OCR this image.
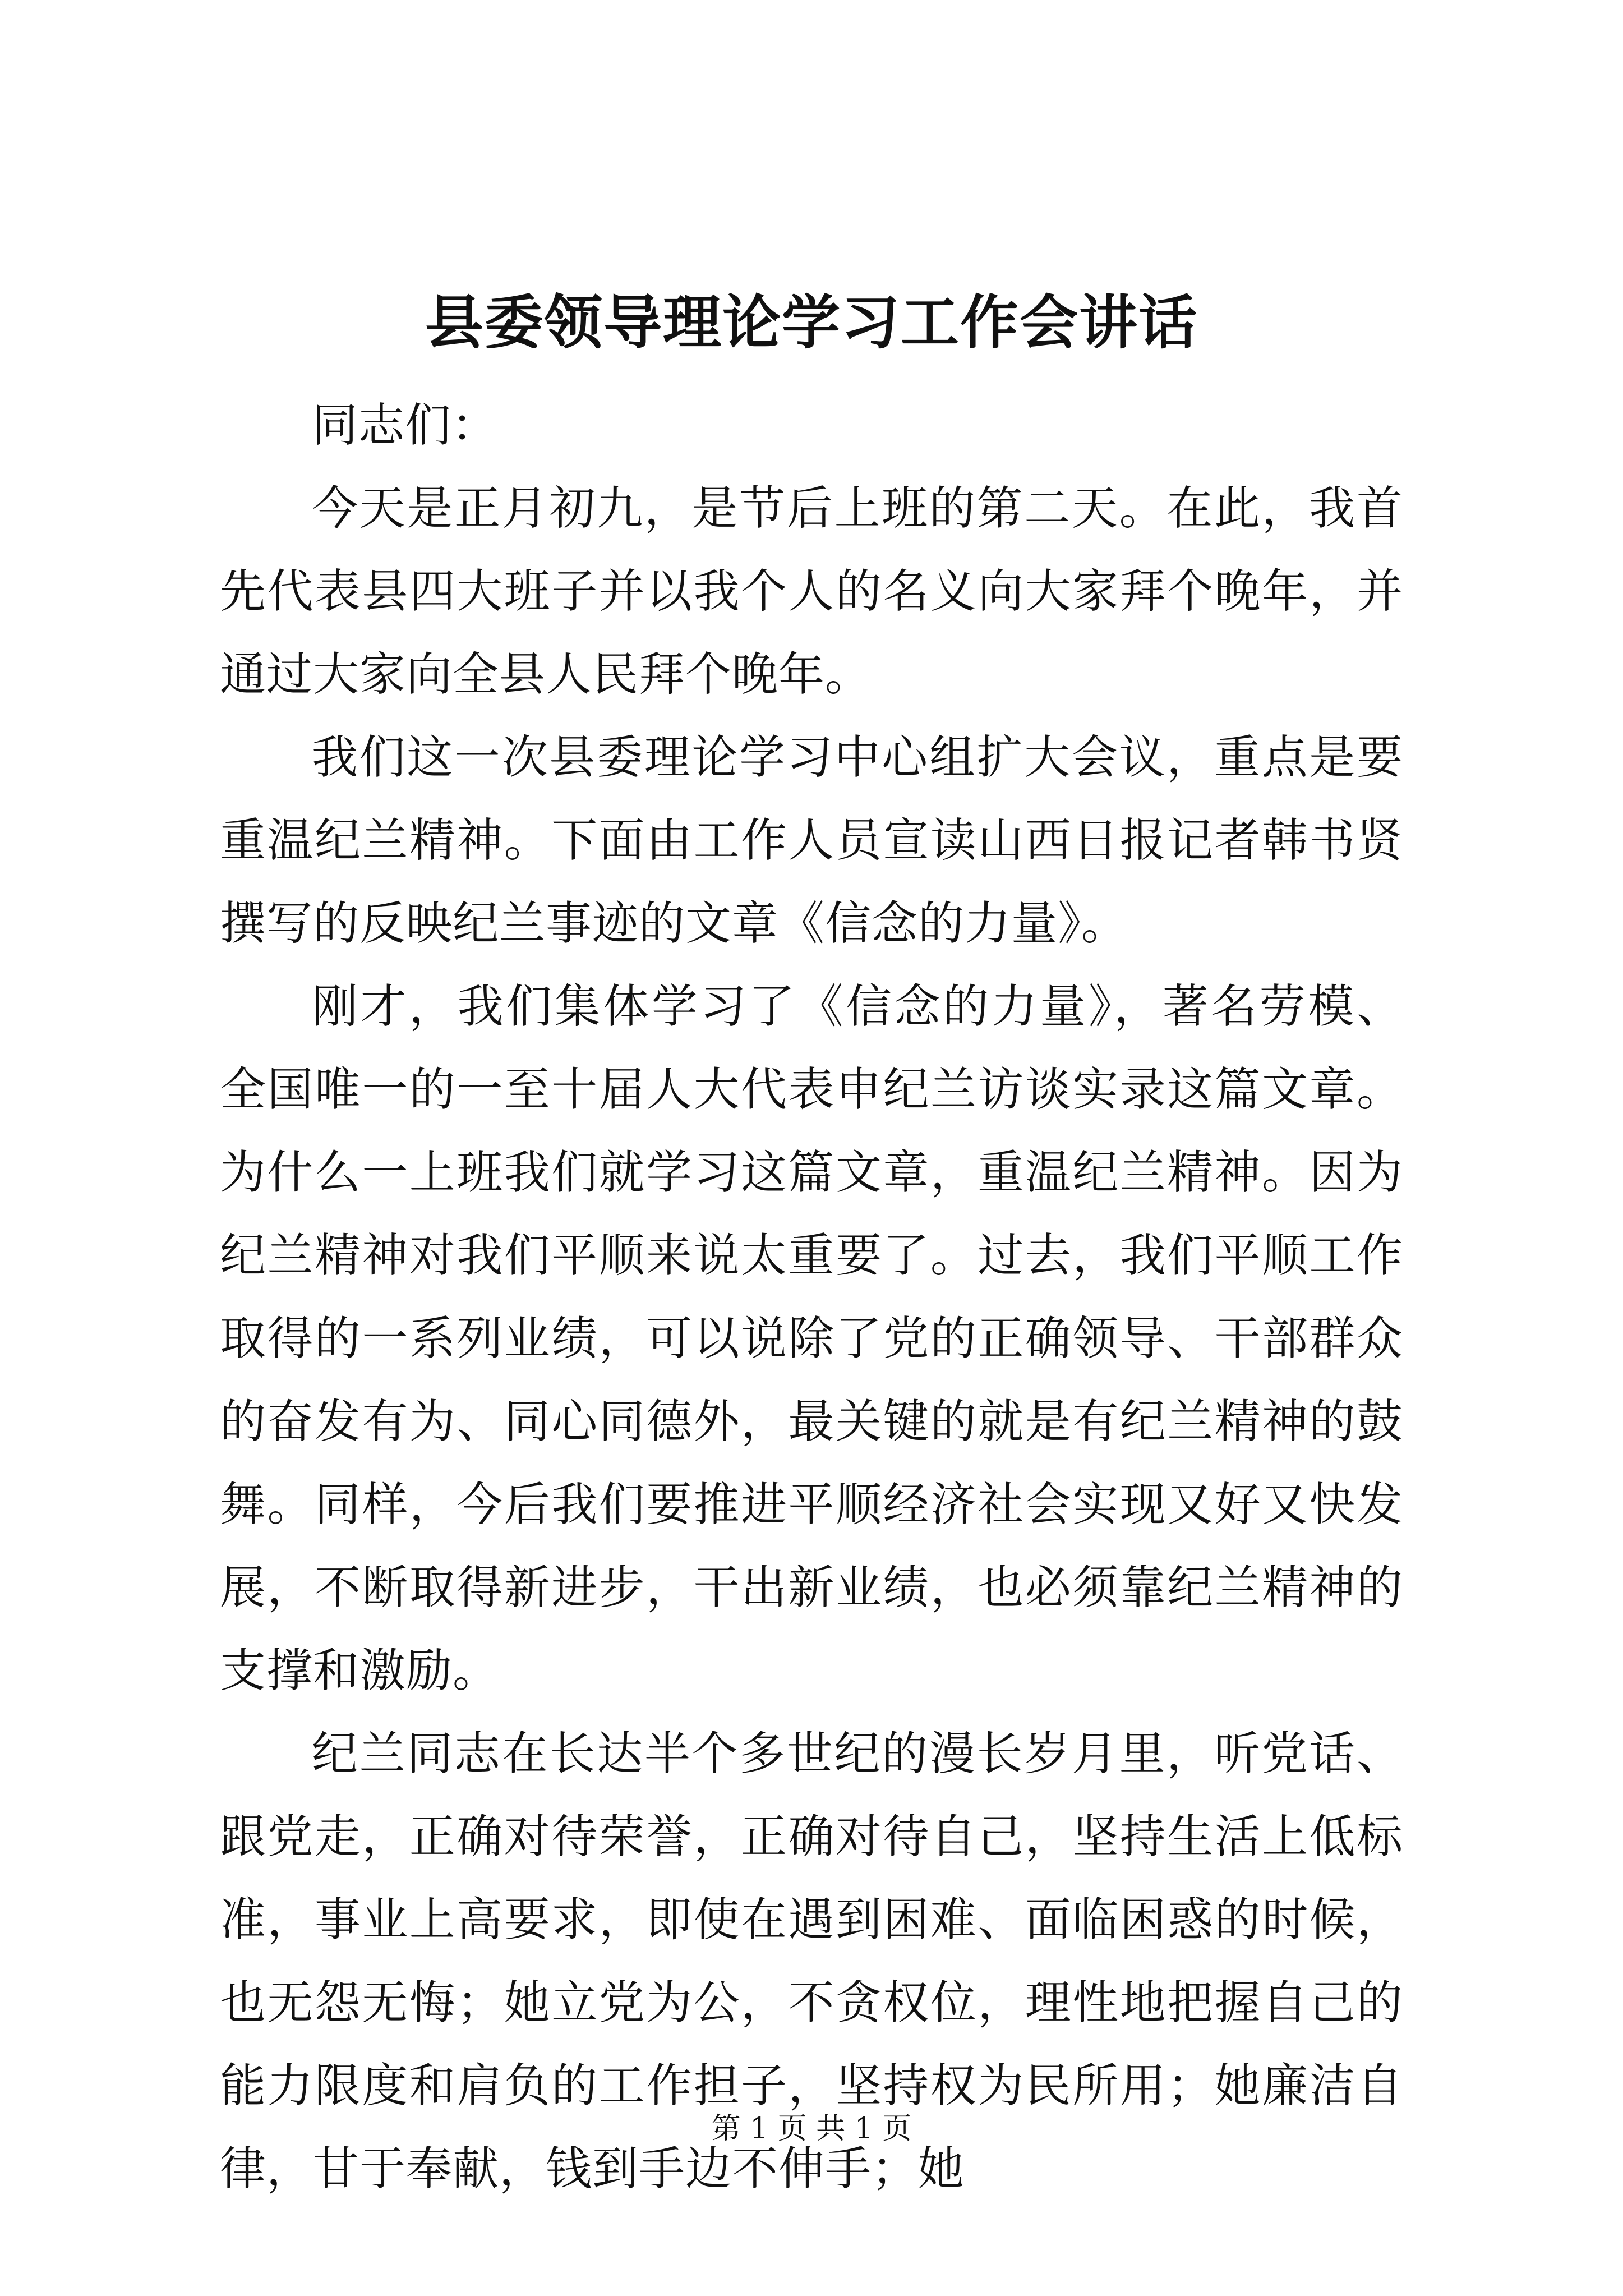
县委领导理论学习工作会讲话

同志们：

今天是正月初九，是节后上班的第二天。在此，我首先代表县四大班子并以我个人的名义向大家拜个晚年，并通过大家向全县人民拜个晚年。

我们这一次县委理论学习中心组扩大会议，重点是要重温纪兰精神。下面由工作人员宣读山西日报记者韩书贤撰写的反映纪兰事迹的文章《信念的力量》。

刚才，我们集体学习了《信念的力量》，著名劳模、全国唯一的一至十届人大代表申纪兰访谈实录这篇文章。为什么一上班我们就学习这篇文章，重温纪兰精神。因为纪兰精神对我们平顺来说太重要了。过去，我们平顺工作取得的一系列业绩，可以说除了党的正确领导、干部群众的奋发有为、同心同德外，最关键的就是有纪兰精神的鼓舞。同样，今后我们要推进平顺经济社会实现又好又快发展，不断取得新进步，干出新业绩，也必须靠纪兰精神的支撑和激励。

纪兰同志在长达半个多世纪的漫长岁月里，听党话、跟党走，正确对待荣誉，正确对待自己，坚持生活上低标准，事业上高要求，即使在遇到困难、面临困惑的时候，也无怨无悔；她立党为公，不贪权位，理性地把握自己的能力限度和肩负的工作担子，坚持权为民所用；她廉洁自律，甘于奉献，钱到手边不伸手；她

第 1 页 共 1 页
